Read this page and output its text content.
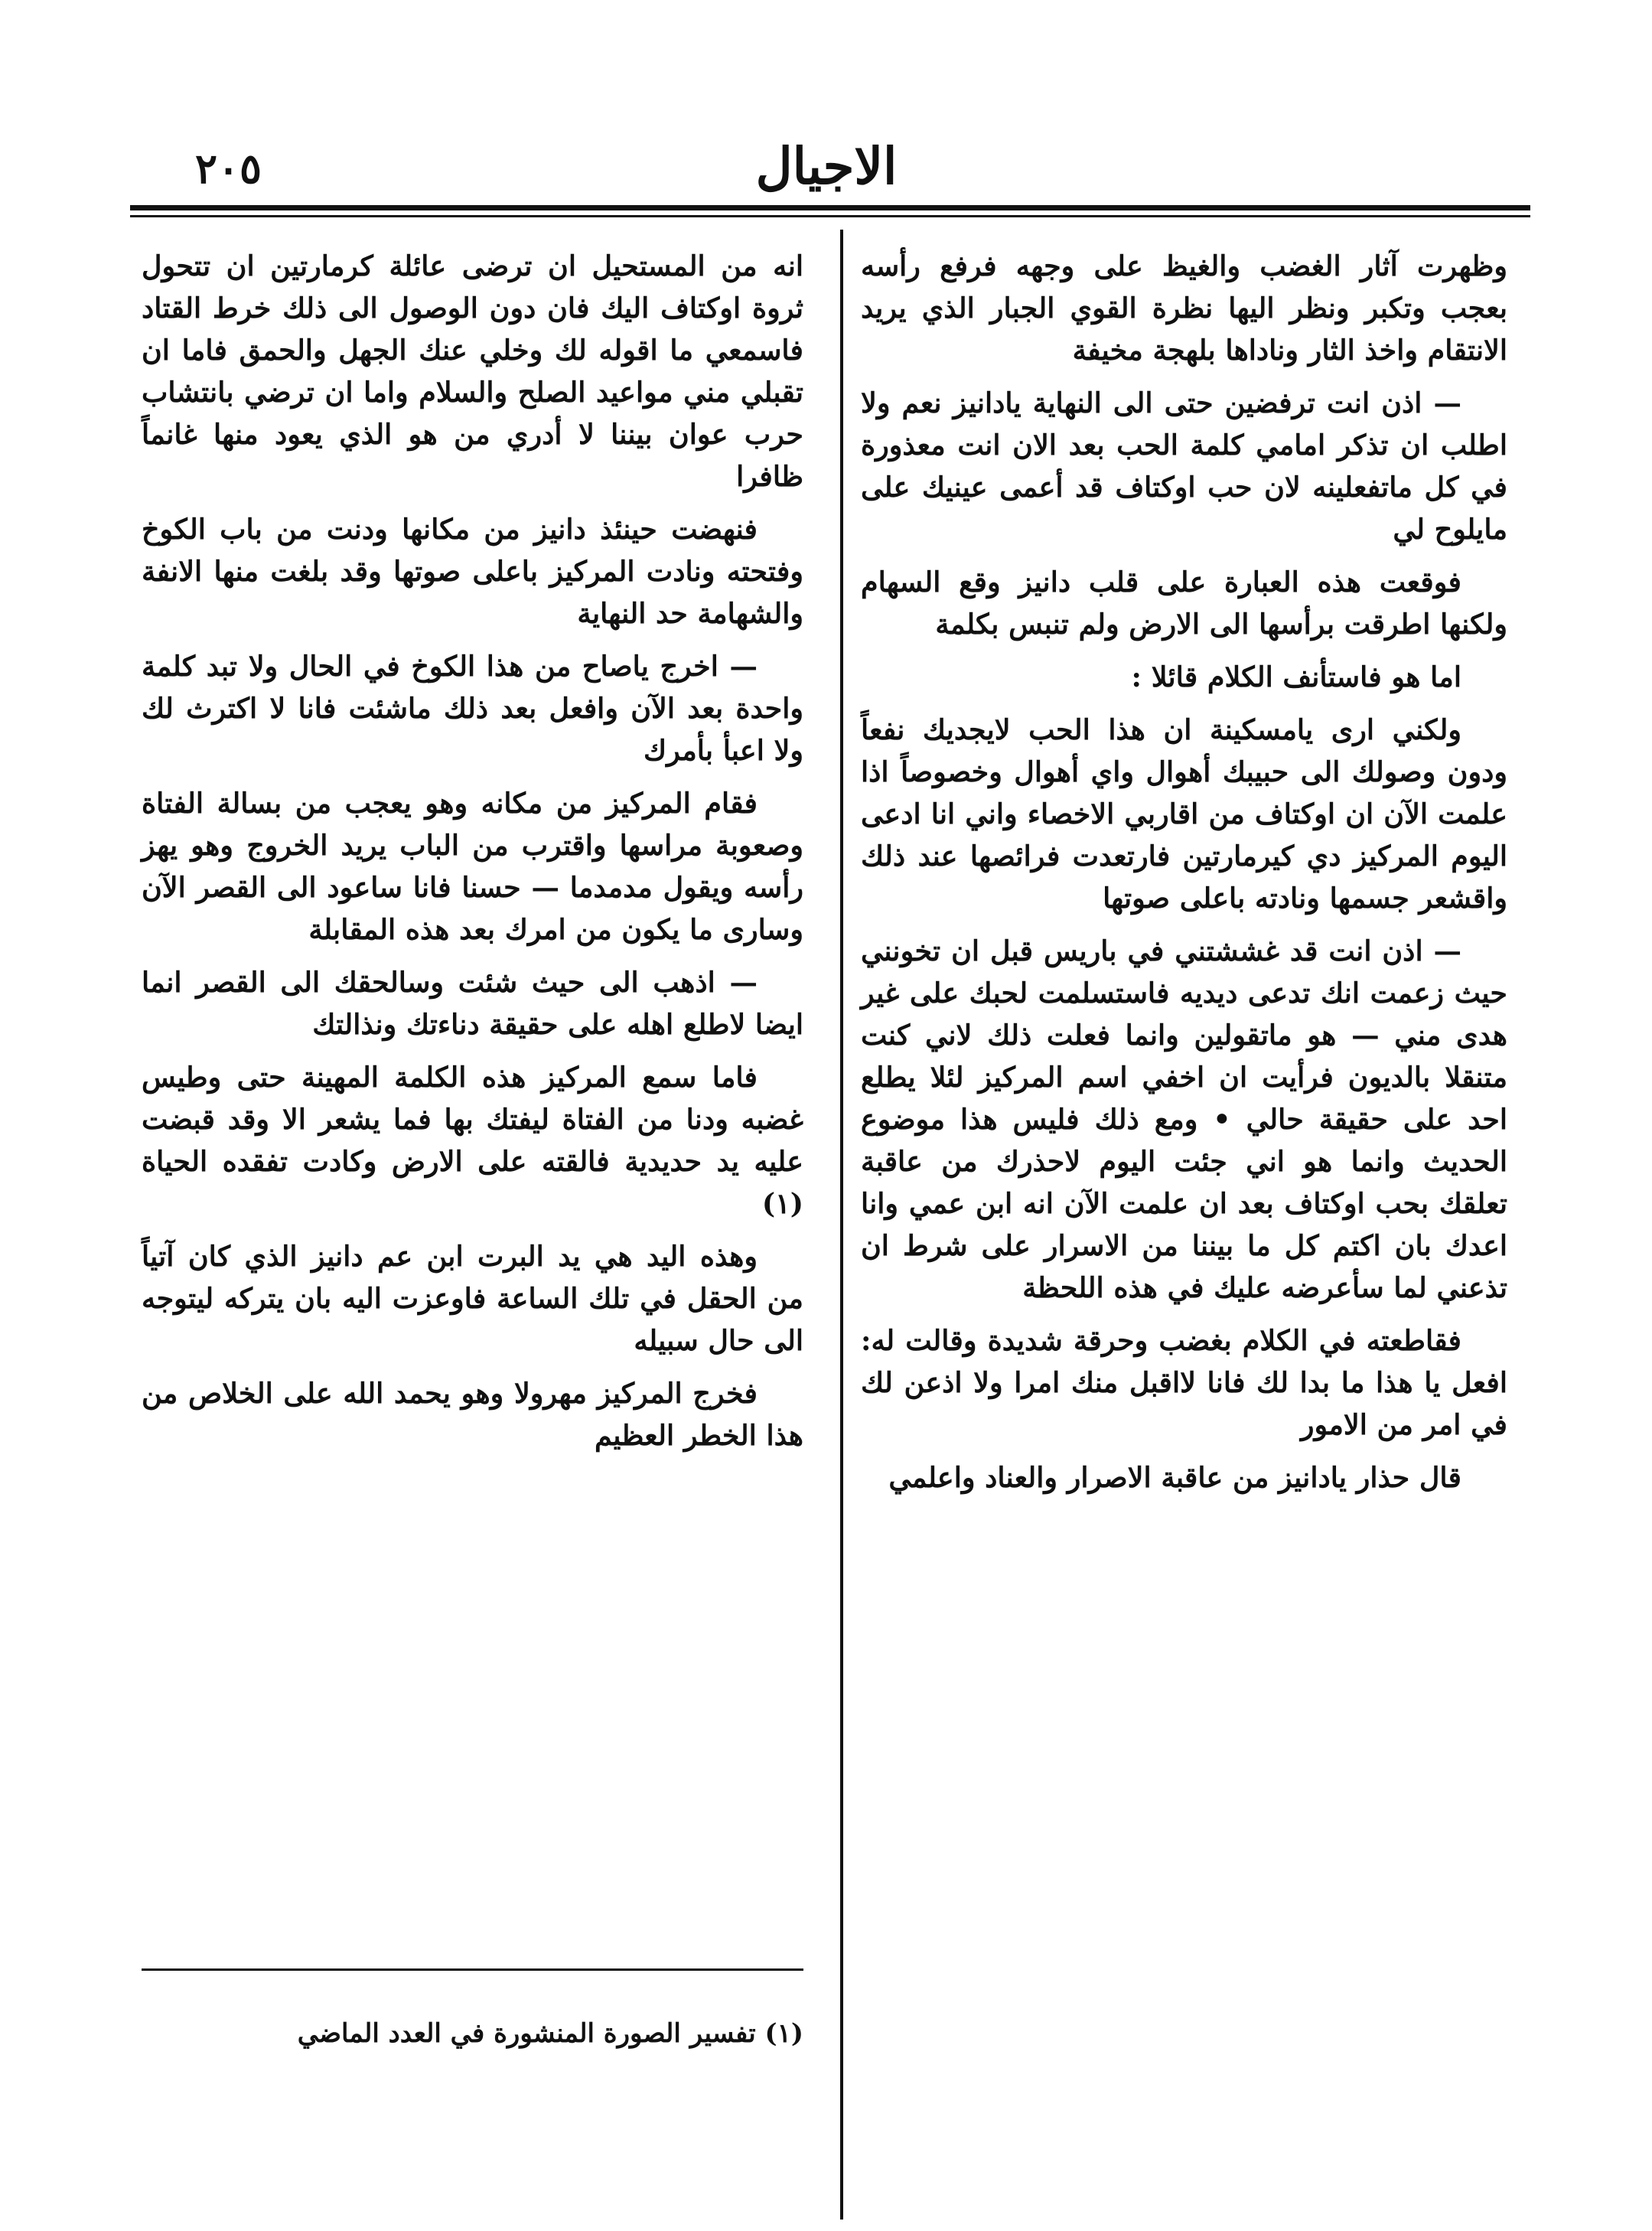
الاجيال
٢٠٥

وظهرت آثار الغضب والغيظ على وجهه فرفع رأسه بعجب وتكبر ونظر اليها نظرة القوي الجبار الذي يريد الانتقام واخذ الثار وناداها بلهجة مخيفة

— اذن انت ترفضين حتى الى النهاية يادانيز نعم ولا اطلب ان تذكر امامي كلمة الحب بعد الان انت معذورة في كل ماتفعلينه لان حب اوكتاف قد أعمى عينيك على مايلوح لي

فوقعت هذه العبارة على قلب دانيز وقع السهام ولكنها اطرقت برأسها الى الارض ولم تنبس بكلمة

اما هو فاستأنف الكلام قائلا :

ولكني ارى يامسكينة ان هذا الحب لايجديك نفعاً ودون وصولك الى حبيبك أهوال واي أهوال وخصوصاً اذا علمت الآن ان اوكتاف من اقاربي الاخصاء واني انا ادعى اليوم المركيز دي كيرمارتين فارتعدت فرائصها عند ذلك واقشعر جسمها ونادته باعلى صوتها

— اذن انت قد غششتني في باريس قبل ان تخونني حيث زعمت انك تدعى ديديه فاستسلمت لحبك على غير هدى مني — هو ماتقولين وانما فعلت ذلك لاني كنت متنقلا بالديون فرأيت ان اخفي اسم المركيز لئلا يطلع احد على حقيقة حالي • ومع ذلك فليس هذا موضوع الحديث وانما هو اني جئت اليوم لاحذرك من عاقبة تعلقك بحب اوكتاف بعد ان علمت الآن انه ابن عمي وانا اعدك بان اكتم كل ما بيننا من الاسرار على شرط ان تذعني لما سأعرضه عليك في هذه اللحظة

فقاطعته في الكلام بغضب وحرقة شديدة وقالت له: افعل يا هذا ما بدا لك فانا لااقبل منك امرا ولا اذعن لك في امر من الامور

قال حذار يادانيز من عاقبة الاصرار والعناد واعلمي

انه من المستحيل ان ترضى عائلة كرمارتين ان تتحول ثروة اوكتاف اليك فان دون الوصول الى ذلك خرط القتاد فاسمعي ما اقوله لك وخلي عنك الجهل والحمق فاما ان تقبلي مني مواعيد الصلح والسلام واما ان ترضي بانتشاب حرب عوان بيننا لا أدري من هو الذي يعود منها غانماً ظافرا

فنهضت حينئذ دانيز من مكانها ودنت من باب الكوخ وفتحته ونادت المركيز باعلى صوتها وقد بلغت منها الانفة والشهامة حد النهاية

— اخرج ياصاح من هذا الكوخ في الحال ولا تبد كلمة واحدة بعد الآن وافعل بعد ذلك ماشئت فانا لا اكترث لك ولا اعبأ بأمرك

فقام المركيز من مكانه وهو يعجب من بسالة الفتاة وصعوبة مراسها واقترب من الباب يريد الخروج وهو يهز رأسه ويقول مدمدما — حسنا فانا ساعود الى القصر الآن وسارى ما يكون من امرك بعد هذه المقابلة

— اذهب الى حيث شئت وسالحقك الى القصر انما ايضا لاطلع اهله على حقيقة دناءتك ونذالتك

فاما سمع المركيز هذه الكلمة المهينة حتى وطيس غضبه ودنا من الفتاة ليفتك بها فما يشعر الا وقد قبضت عليه يد حديدية فالقته على الارض وكادت تفقده الحياة (١)

وهذه اليد هي يد البرت ابن عم دانيز الذي كان آتياً من الحقل في تلك الساعة فاوعزت اليه بان يتركه ليتوجه الى حال سبيله

فخرج المركيز مهرولا وهو يحمد الله على الخلاص من هذا الخطر العظيم

(١) تفسير الصورة المنشورة في العدد الماضي
